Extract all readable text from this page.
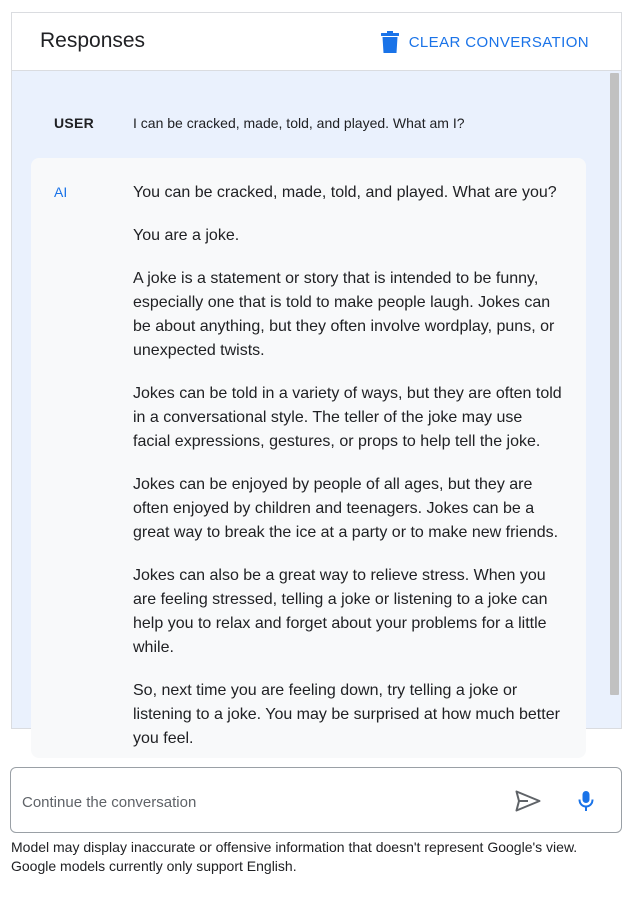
Responses	CLEAR CONVERSATION
USER	I can be cracked, made, told, and played. What am I?
AI	You can be cracked, made, told, and played. What are you?

You are a joke.

A joke is a statement or story that is intended to be funny, especially one that is told to make people laugh. Jokes can be about anything, but they often involve wordplay, puns, or unexpected twists.

Jokes can be told in a variety of ways, but they are often told in a conversational style. The teller of the joke may use facial expressions, gestures, or props to help tell the joke.

Jokes can be enjoyed by people of all ages, but they are often enjoyed by children and teenagers. Jokes can be a great way to break the ice at a party or to make new friends.

Jokes can also be a great way to relieve stress. When you are feeling stressed, telling a joke or listening to a joke can help you to relax and forget about your problems for a little while.

So, next time you are feeling down, try telling a joke or listening to a joke. You may be surprised at how much better you feel.

Continue the conversation
Model may display inaccurate or offensive information that doesn't represent Google's view.
Google models currently only support English.
